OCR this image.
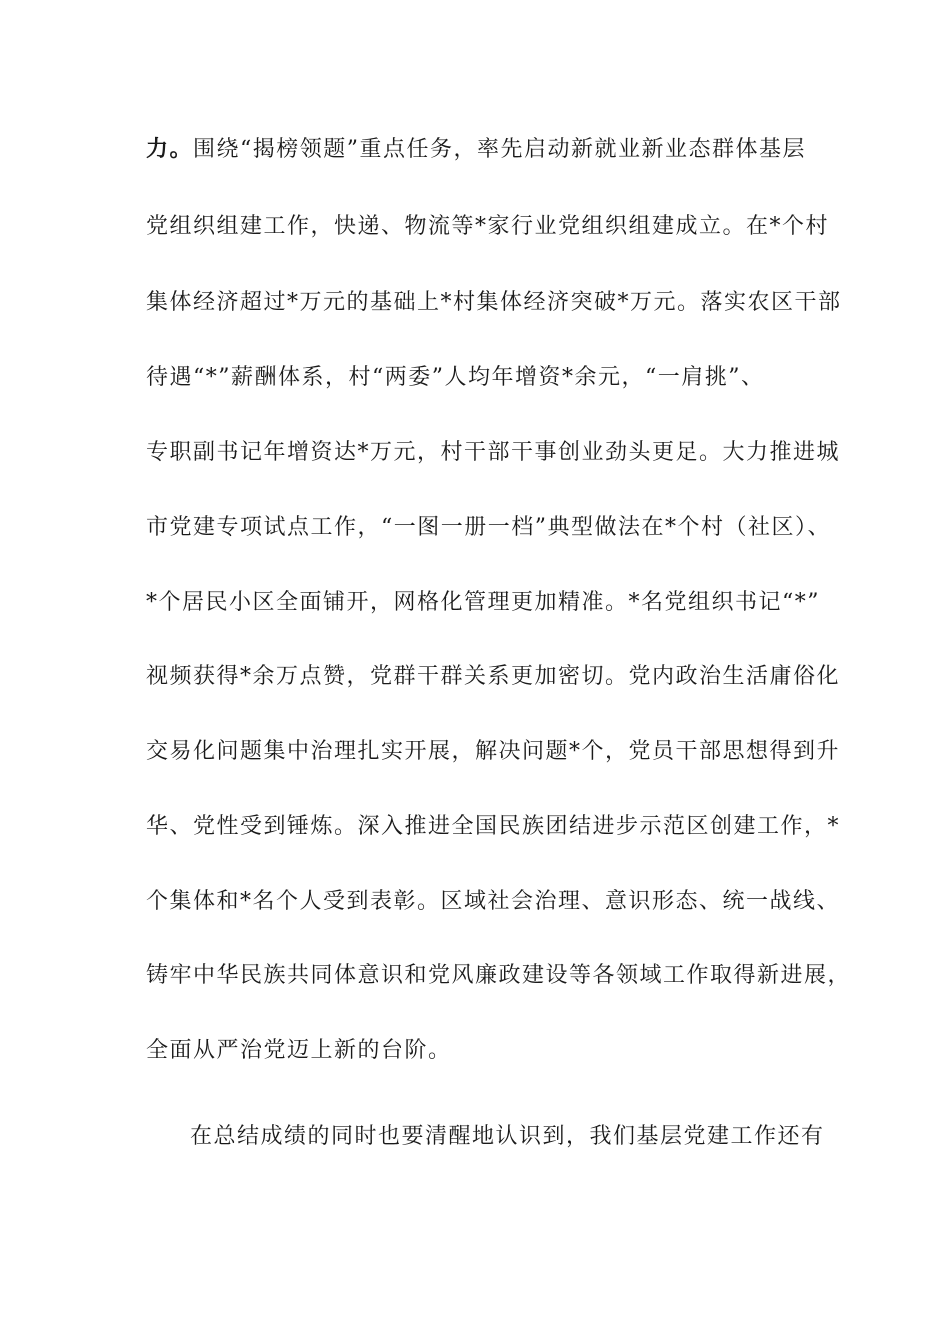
力。围绕“揭榜领题”重点任务，率先启动新就业新业态群体基层
党组织组建工作，快递、物流等*家行业党组织组建成立。在*个村
集体经济超过*万元的基础上*村集体经济突破*万元。落实农区干部
待遇“*”薪酬体系，村“两委”人均年增资*余元，“一肩挑”、
专职副书记年增资达*万元，村干部干事创业劲头更足。大力推进城
市党建专项试点工作，“一图一册一档”典型做法在*个村（社区）、
*个居民小区全面铺开，网格化管理更加精准。*名党组织书记“*”
视频获得*余万点赞，党群干群关系更加密切。党内政治生活庸俗化
交易化问题集中治理扎实开展，解决问题*个，党员干部思想得到升
华、党性受到锤炼。深入推进全国民族团结进步示范区创建工作，*
个集体和*名个人受到表彰。区域社会治理、意识形态、统一战线、
铸牢中华民族共同体意识和党风廉政建设等各领域工作取得新进展，
全面从严治党迈上新的台阶。
在总结成绩的同时也要清醒地认识到，我们基层党建工作还有
